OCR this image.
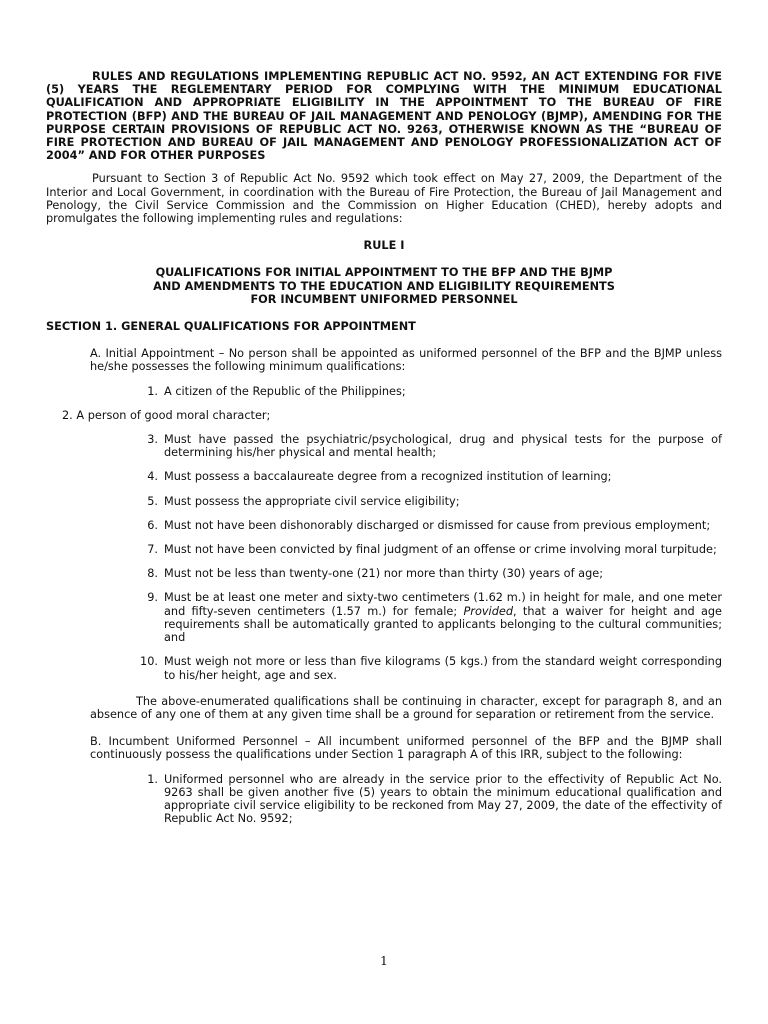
RULES AND REGULATIONS IMPLEMENTING REPUBLIC ACT NO. 9592, AN ACT EXTENDING FOR FIVE (5) YEARS THE REGLEMENTARY PERIOD FOR COMPLYING WITH THE MINIMUM EDUCATIONAL QUALIFICATION AND APPROPRIATE ELIGIBILITY IN THE APPOINTMENT TO THE BUREAU OF FIRE PROTECTION (BFP) AND THE BUREAU OF JAIL MANAGEMENT AND PENOLOGY (BJMP), AMENDING FOR THE PURPOSE CERTAIN PROVISIONS OF REPUBLIC ACT NO. 9263, OTHERWISE KNOWN AS THE “BUREAU OF FIRE PROTECTION AND BUREAU OF JAIL MANAGEMENT AND PENOLOGY PROFESSIONALIZATION ACT OF 2004” AND FOR OTHER PURPOSES

Pursuant to Section 3 of Republic Act No. 9592 which took effect on May 27, 2009, the Department of the Interior and Local Government, in coordination with the Bureau of Fire Protection, the Bureau of Jail Management and Penology, the Civil Service Commission and the Commission on Higher Education (CHED), hereby adopts and promulgates the following implementing rules and regulations:

RULE I

QUALIFICATIONS FOR INITIAL APPOINTMENT TO THE BFP AND THE BJMP

AND AMENDMENTS TO THE EDUCATION AND ELIGIBILITY REQUIREMENTS

FOR INCUMBENT UNIFORMED PERSONNEL

SECTION 1. GENERAL QUALIFICATIONS FOR APPOINTMENT

A. Initial Appointment – No person shall be appointed as uniformed personnel of the BFP and the BJMP unless he/she possesses the following minimum qualifications:

1. A citizen of the Republic of the Philippines;
2. A person of good moral character;
3. Must have passed the psychiatric/psychological, drug and physical tests for the purpose of determining his/her physical and mental health;
4. Must possess a baccalaureate degree from a recognized institution of learning;
5. Must possess the appropriate civil service eligibility;
6. Must not have been dishonorably discharged or dismissed for cause from previous employment;
7. Must not have been convicted by final judgment of an offense or crime involving moral turpitude;
8. Must not be less than twenty-one (21) nor more than thirty (30) years of age;
9. Must be at least one meter and sixty-two centimeters (1.62 m.) in height for male, and one meter and fifty-seven centimeters (1.57 m.) for female; Provided, that a waiver for height and age requirements shall be automatically granted to applicants belonging to the cultural communities; and
10. Must weigh not more or less than five kilograms (5 kgs.) from the standard weight corresponding to his/her height, age and sex.

The above-enumerated qualifications shall be continuing in character, except for paragraph 8, and an absence of any one of them at any given time shall be a ground for separation or retirement from the service.

B. Incumbent Uniformed Personnel – All incumbent uniformed personnel of the BFP and the BJMP shall continuously possess the qualifications under Section 1 paragraph A of this IRR, subject to the following:

1. Uniformed personnel who are already in the service prior to the effectivity of Republic Act No. 9263 shall be given another five (5) years to obtain the minimum educational qualification and appropriate civil service eligibility to be reckoned from May 27, 2009, the date of the effectivity of Republic Act No. 9592;
1
